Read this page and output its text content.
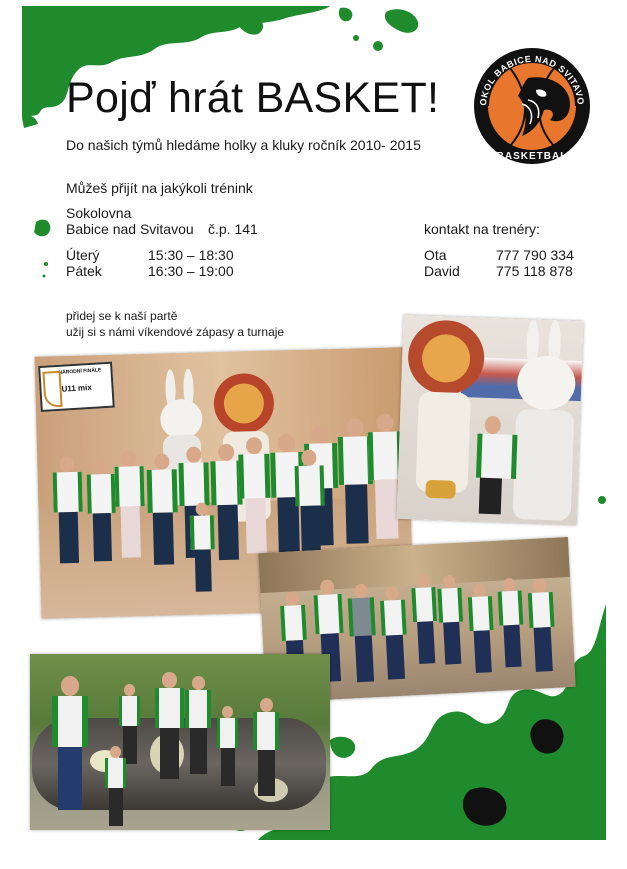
Pojď hrát BASKET!
Do našich týmů hledáme holky a kluky ročník 2010- 2015
OKOL BABICE NAD SVITAVO
BASKETBAL
Můžeš přijít na jakýkoli trénink
Sokolovna
Babice nad Svitavou č.p. 141
Úterý	15:30 – 18:30
Pátek	16:30 – 19:00
kontakt na trenéry:
Ota	777 790 334
David	775 118 878
přidej se k naší partě
užij si s námi víkendové zápasy a turnaje
NÁRODNÍ FINÁLE
U11 mix
